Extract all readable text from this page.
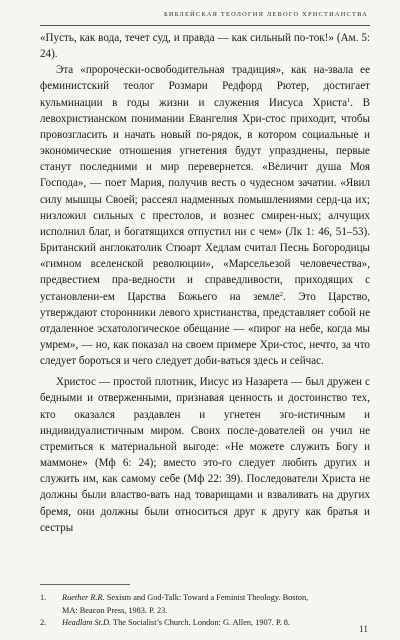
БИБЛЕЙСКАЯ ТЕОЛОГИЯ ЛЕВОГО ХРИСТИАНСТВА

«Пусть, как вода, течет суд, и правда — как сильный по-ток!» (Ам. 5: 24).

Эта «пророчески-освободительная традиция», как на-звала ее феминистский теолог Розмари Редфорд Рютер, достигает кульминации в годы жизни и служения Иисуса Христа$^1$. В левохристианском понимании Евангелия Хри-стос приходит, чтобы провозгласить и начать новый по-рядок, в котором социальные и экономические отношения угнетения будут упразднены, первые станут последними и мир перевернется. «Величит душа Моя Господа», — поет Мария, получив весть о чудесном зачатии. «Явил силу мышцы Своей; рассеял надменных помышлениями серд-ца их; низложил сильных с престолов, и вознес смирен-ных; алчущих исполнил благ, и богатящихся отпустил ни с чем» (Лк 1: 46, 51–53). Британский англокатолик Стюарт Хедлам считал Песнь Богородицы «гимном вселенской революции», «Марсельезой человечества», предвестием пра-ведности и справедливости, приходящих с установлени-ем Царства Божьего на земле$^2$. Это Царство, утверждают сторонники левого христианства, представляет собой не отдаленное эсхатологическое обещание — «пирог на небе, когда мы умрем», — но, как показал на своем примере Хри-стос, нечто, за что следует бороться и чего следует доби-ваться здесь и сейчас.

Христос — простой плотник, Иисус из Назарета — был дружен с бедными и отверженными, признавая ценность и достоинство тех, кто оказался раздавлен и угнетен эго-истичным и индивидуалистичным миром. Своих после-дователей он учил не стремиться к материальной выгоде: «Не можете служить Богу и маммоне» (Мф 6: 24); вместо это-го следует любить других и служить им, как самому себе (Мф 22: 39). Последователи Христа не должны были властво-вать над товарищами и взваливать на других бремя, они должны были относиться друг к другу как братья и сестры

1. Ruether R.R. Sexism and God-Talk: Toward a Feminist Theology. Boston,
MA: Beacon Press, 1983. P. 23.
2. Headlam St.D. The Socialist’s Church. London: G. Allen, 1907. P. 8.
11
